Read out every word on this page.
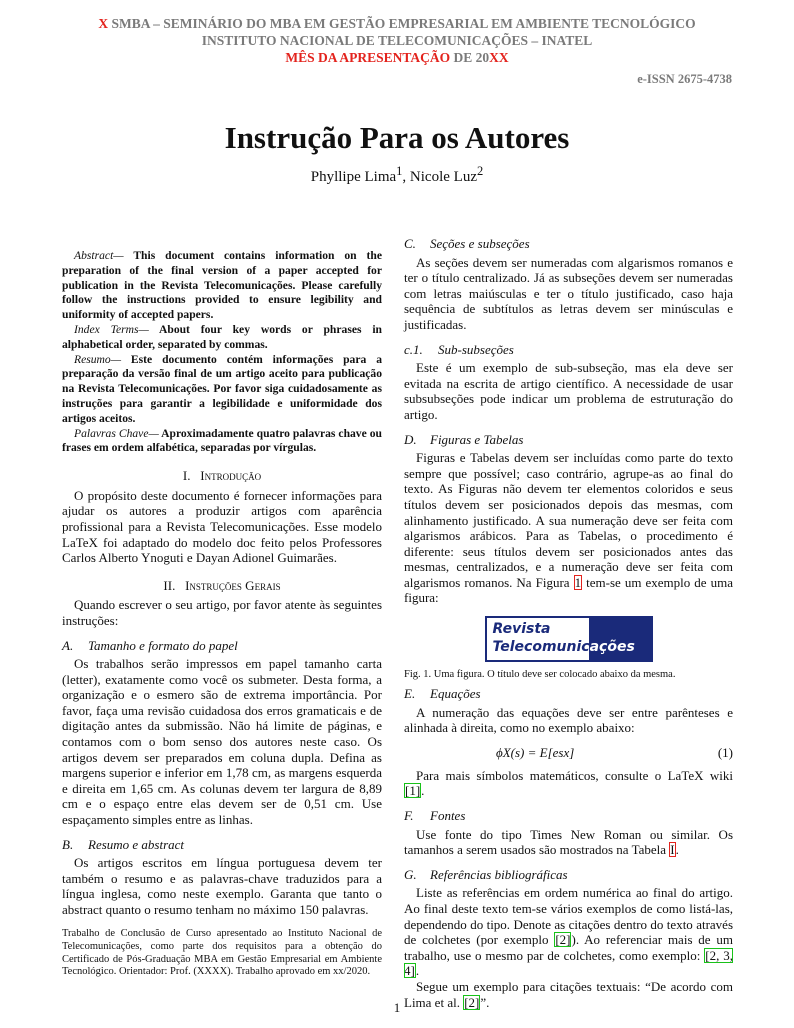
X SMBA – SEMINÁRIO DO MBA EM GESTÃO EMPRESARIAL EM AMBIENTE TECNOLÓGICO
INSTITUTO NACIONAL DE TELECOMUNICAÇÕES – INATEL
MÊS DA APRESENTAÇÃO DE 20XX
e-ISSN 2675-4738
Instrução Para os Autores
Phyllipe Lima$^1$, Nicole Luz$^2$

Abstract— This document contains information on the preparation of the final version of a paper accepted for publication in the Revista Telecomunicações. Please carefully follow the instructions provided to ensure legibility and uniformity of accepted papers.

Index Terms— About four key words or phrases in alphabetical order, separated by commas.

Resumo— Este documento contém informações para a preparação da versão final de um artigo aceito para publicação na Revista Telecomunicações. Por favor siga cuidadosamente as instruções para garantir a legibilidade e uniformidade dos artigos aceitos.

Palavras Chave— Aproximadamente quatro palavras chave ou frases em ordem alfabética, separadas por vírgulas.

I. Introdução

O propósito deste documento é fornecer informações para ajudar os autores a produzir artigos com aparência profissional para a Revista Telecomunicações. Esse modelo LaTeX foi adaptado do modelo doc feito pelos Professores Carlos Alberto Ynoguti e Dayan Adionel Guimarães.

II. Instruções Gerais

Quando escrever o seu artigo, por favor atente às seguintes instruções:

A. Tamanho e formato do papel

Os trabalhos serão impressos em papel tamanho carta (letter), exatamente como você os submeter. Desta forma, a organização e o esmero são de extrema importância. Por favor, faça uma revisão cuidadosa dos erros gramaticais e de digitação antes da submissão. Não há limite de páginas, e contamos com o bom senso dos autores neste caso. Os artigos devem ser preparados em coluna dupla. Defina as margens superior e inferior em 1,78 cm, as margens esquerda e direita em 1,65 cm. As colunas devem ter largura de 8,89 cm e o espaço entre elas devem ser de 0,51 cm. Use espaçamento simples entre as linhas.

B. Resumo e abstract

Os artigos escritos em língua portuguesa devem ter também o resumo e as palavras-chave traduzidos para a língua inglesa, como neste exemplo. Garanta que tanto o abstract quanto o resumo tenham no máximo 150 palavras.

Trabalho de Conclusão de Curso apresentado ao Instituto Nacional de Telecomunicações, como parte dos requisitos para a obtenção do Certificado de Pós-Graduação MBA em Gestão Empresarial em Ambiente Tecnológico. Orientador: Prof. (XXXX). Trabalho aprovado em xx/2020.
C. Seções e subseções

As seções devem ser numeradas com algarismos romanos e ter o título centralizado. Já as subseções devem ser numeradas com letras maiúsculas e ter o título justificado, caso haja sequência de subtítulos as letras devem ser minúsculas e justificadas.

c.1. Sub-subseções

Este é um exemplo de sub-subseção, mas ela deve ser evitada na escrita de artigo científico. A necessidade de usar subsubseções pode indicar um problema de estruturação do artigo.

D. Figuras e Tabelas

Figuras e Tabelas devem ser incluídas como parte do texto sempre que possível; caso contrário, agrupe-as ao final do texto. As Figuras não devem ter elementos coloridos e seus títulos devem ser posicionados depois das mesmas, com alinhamento justificado. A sua numeração deve ser feita com algarismos arábicos. Para as Tabelas, o procedimento é diferente: seus títulos devem ser posicionados antes das mesmas, centralizados, e a numeração deve ser feita com algarismos romanos. Na Figura 1 tem-se um exemplo de uma figura:

Revista
Telecomunicações
Fig. 1. Uma figura. O título deve ser colocado abaixo da mesma.
E. Equações

A numeração das equações deve ser entre parênteses e alinhada à direita, como no exemplo abaixo:

ϕX(s) = E[esx]	(1)

Para mais símbolos matemáticos, consulte o LaTeX wiki [1].

F. Fontes

Use fonte do tipo Times New Roman ou similar. Os tamanhos a serem usados são mostrados na Tabela I.

G. Referências bibliográficas

Liste as referências em ordem numérica ao final do artigo. Ao final deste texto tem-se vários exemplos de como listá-las, dependendo do tipo. Denote as citações dentro do texto através de colchetes (por exemplo [2]). Ao referenciar mais de um trabalho, use o mesmo par de colchetes, como exemplo: [2, 3, 4].

Segue um exemplo para citações textuais: “De acordo com Lima et al. [2]”.

1
